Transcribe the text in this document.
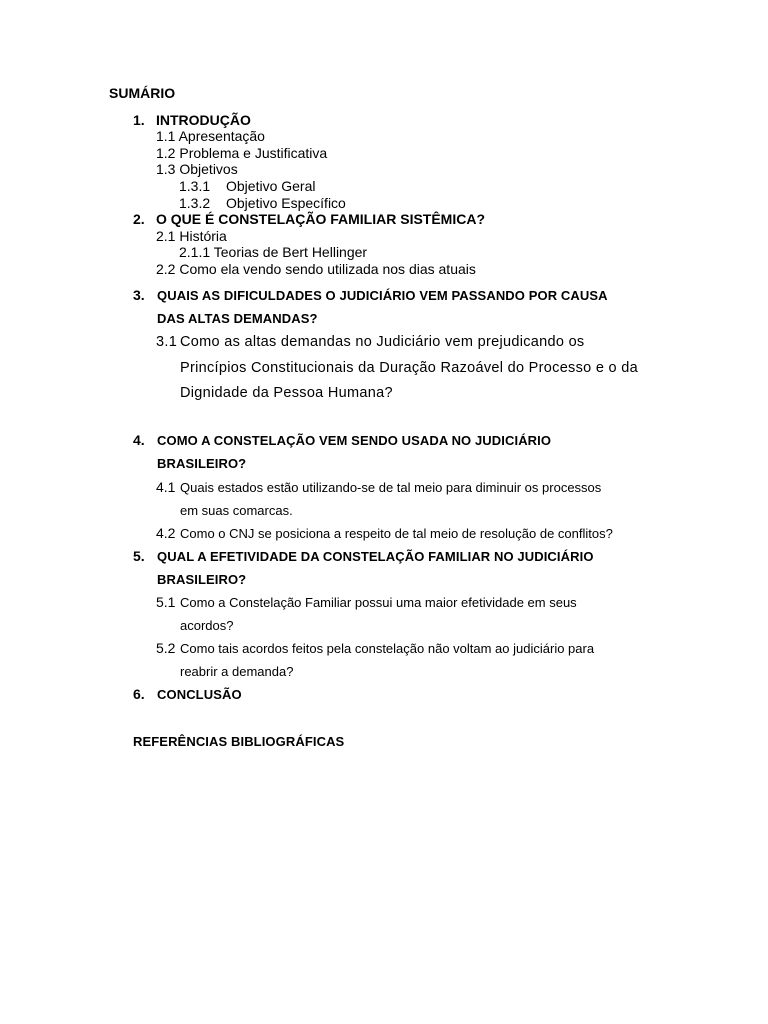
SUMÁRIO
1. INTRODUÇÃO
1.1 Apresentação
1.2 Problema e Justificativa
1.3 Objetivos
1.3.1 Objetivo Geral
1.3.2 Objetivo Específico
2. O QUE É CONSTELAÇÃO FAMILIAR SISTÊMICA?
2.1 História
2.1.1 Teorias de Bert Hellinger
2.2 Como ela vendo sendo utilizada nos dias atuais
3. QUAIS AS DIFICULDADES O JUDICIÁRIO VEM PASSANDO POR CAUSA
DAS ALTAS DEMANDAS?
3.1 Como as altas demandas no Judiciário vem prejudicando os
Princípios Constitucionais da Duração Razoável do Processo e o da
Dignidade da Pessoa Humana?
4. COMO A CONSTELAÇÃO VEM SENDO USADA NO JUDICIÁRIO
BRASILEIRO?
4.1 Quais estados estão utilizando-se de tal meio para diminuir os processos
em suas comarcas.
4.2 Como o CNJ se posiciona a respeito de tal meio de resolução de conflitos?
5. QUAL A EFETIVIDADE DA CONSTELAÇÃO FAMILIAR NO JUDICIÁRIO
BRASILEIRO?
5.1 Como a Constelação Familiar possui uma maior efetividade em seus
acordos?
5.2 Como tais acordos feitos pela constelação não voltam ao judiciário para
reabrir a demanda?
6. CONCLUSÃO
REFERÊNCIAS BIBLIOGRÁFICAS
